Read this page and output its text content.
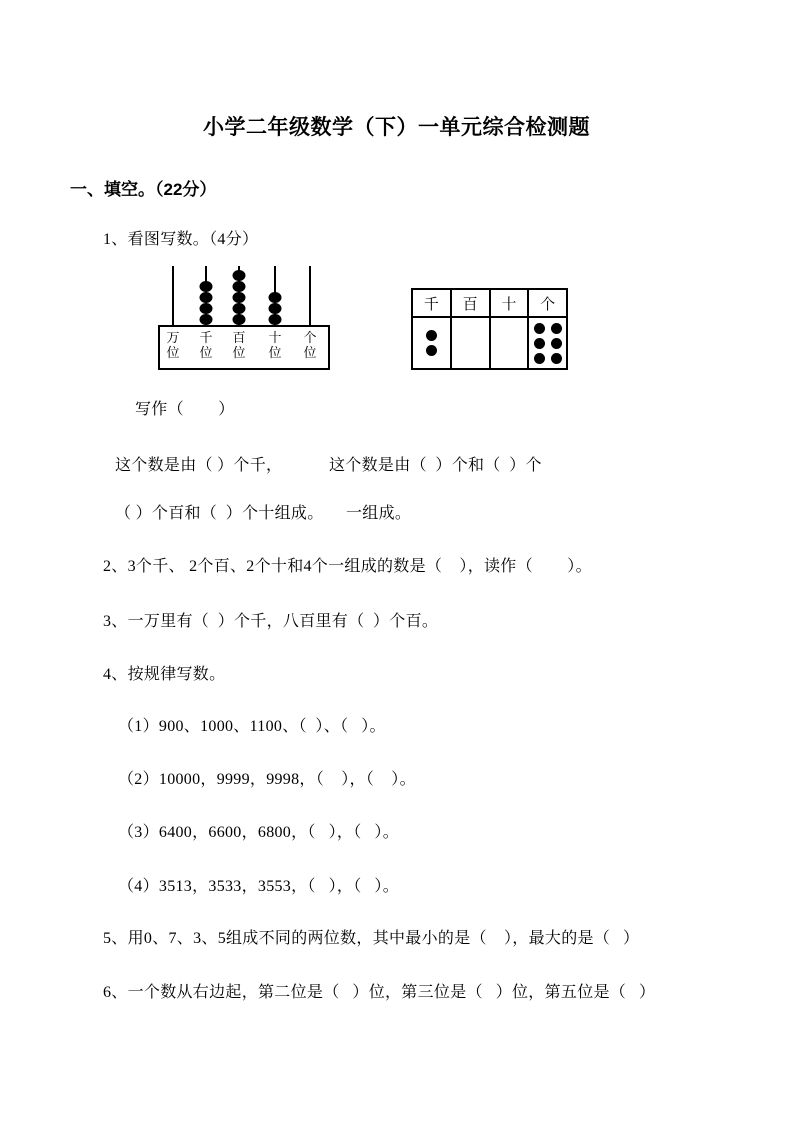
小学二年级数学（下）一单元综合检测题
一、填空。（22分）
1、看图写数。（4分）
万位
千位
百位
十位
个位
千	百	十	个

写作（        ）
这个数是由（ ）个千，	这个数是由（  ）个和（  ）个
（ ）个百和（  ）个十组成。 一组成。
2、3个千、 2个百、2个十和4个一组成的数是（    ），读作（        ）。
3、一万里有（  ）个千，八百里有（  ）个百。
4、按规律写数。
（1）900、1000、1100、（  ）、（   ）。
（2）10000，9999，9998，（    ），（    ）。
（3）6400，6600，6800，（   ），（   ）。
（4）3513，3533，3553，（   ），（   ）。
5、用0、7、3、5组成不同的两位数，其中最小的是（    ），最大的是（   ）
6、一个数从右边起，第二位是（   ）位，第三位是（   ）位，第五位是（   ）
